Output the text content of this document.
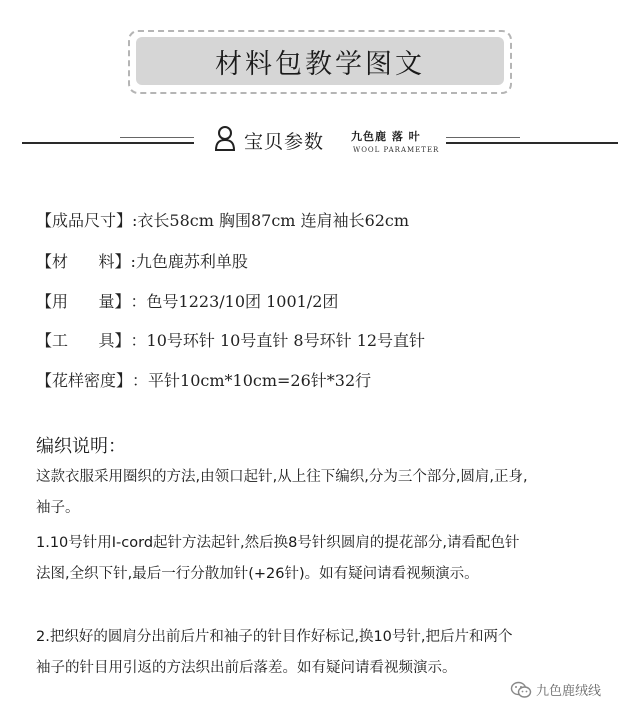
材料包教学图文
宝贝参数 九色鹿 落 叶
WOOL PARAMETER
【成品尺寸】:衣长58cm 胸围87cm 连肩袖长62cm
【材      料】:九色鹿苏利单股
【用      量】：色号1223/10团 1001/2团
【工      具】：10号环针 10号直针 8号环针 12号直针
【花样密度】：平针10cm*10cm=26针*32行
编织说明：
这款衣服采用圈织的方法,由领口起针,从上往下编织,分为三个部分,圆肩,正身,
袖子。
1.10号针用I-cord起针方法起针,然后换8号针织圆肩的提花部分,请看配色针
法图,全织下针,最后一行分散加针(+26针)。如有疑问请看视频演示。
2.把织好的圆肩分出前后片和袖子的针目作好标记,换10号针,把后片和两个
袖子的针目用引返的方法织出前后落差。如有疑问请看视频演示。
九色鹿绒线
